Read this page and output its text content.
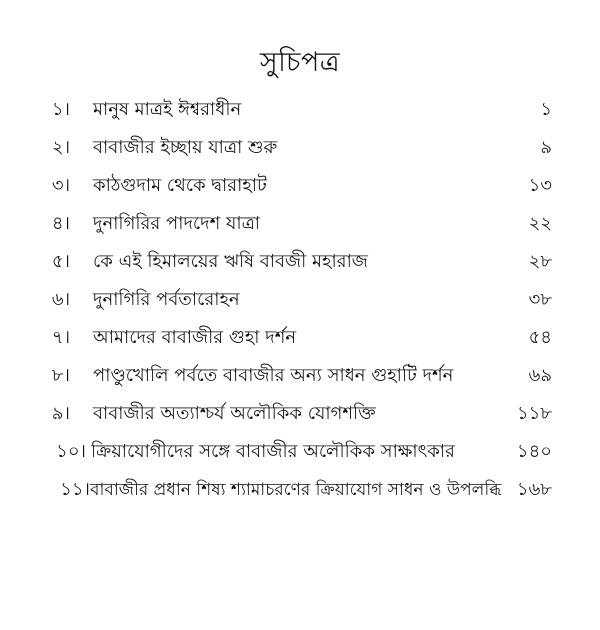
সুচিপত্র
১। মানুষ মাত্রই ঈশ্বরাধীন	১
২। বাবাজীর ইচ্ছায় যাত্রা শুরু	৯
৩। কাঠগুদাম থেকে দ্বারাহাট	১৩
৪। দুনাগিরির পাদদেশ যাত্রা	২২
৫। কে এই হিমালয়ের ঋষি বাবজী মহারাজ	২৮
৬। দুনাগিরি পর্বতারোহন	৩৮
৭। আমাদের বাবাজীর গুহা দর্শন	৫৪
৮। পাণ্ডুখোলি পর্বতে বাবাজীর অন্য সাধন গুহাটি দর্শন	৬৯
৯। বাবাজীর অত্যাশ্চর্য অলৌকিক যোগশক্তি	১১৮
১০। ক্রিয়াযোগীদের সঙ্গে বাবাজীর অলৌকিক সাক্ষাৎকার	১৪০
১১। বাবাজীর প্রধান শিষ্য শ্যামাচরণের ক্রিয়াযোগ সাধন ও উপলব্ধি ১৬৮
